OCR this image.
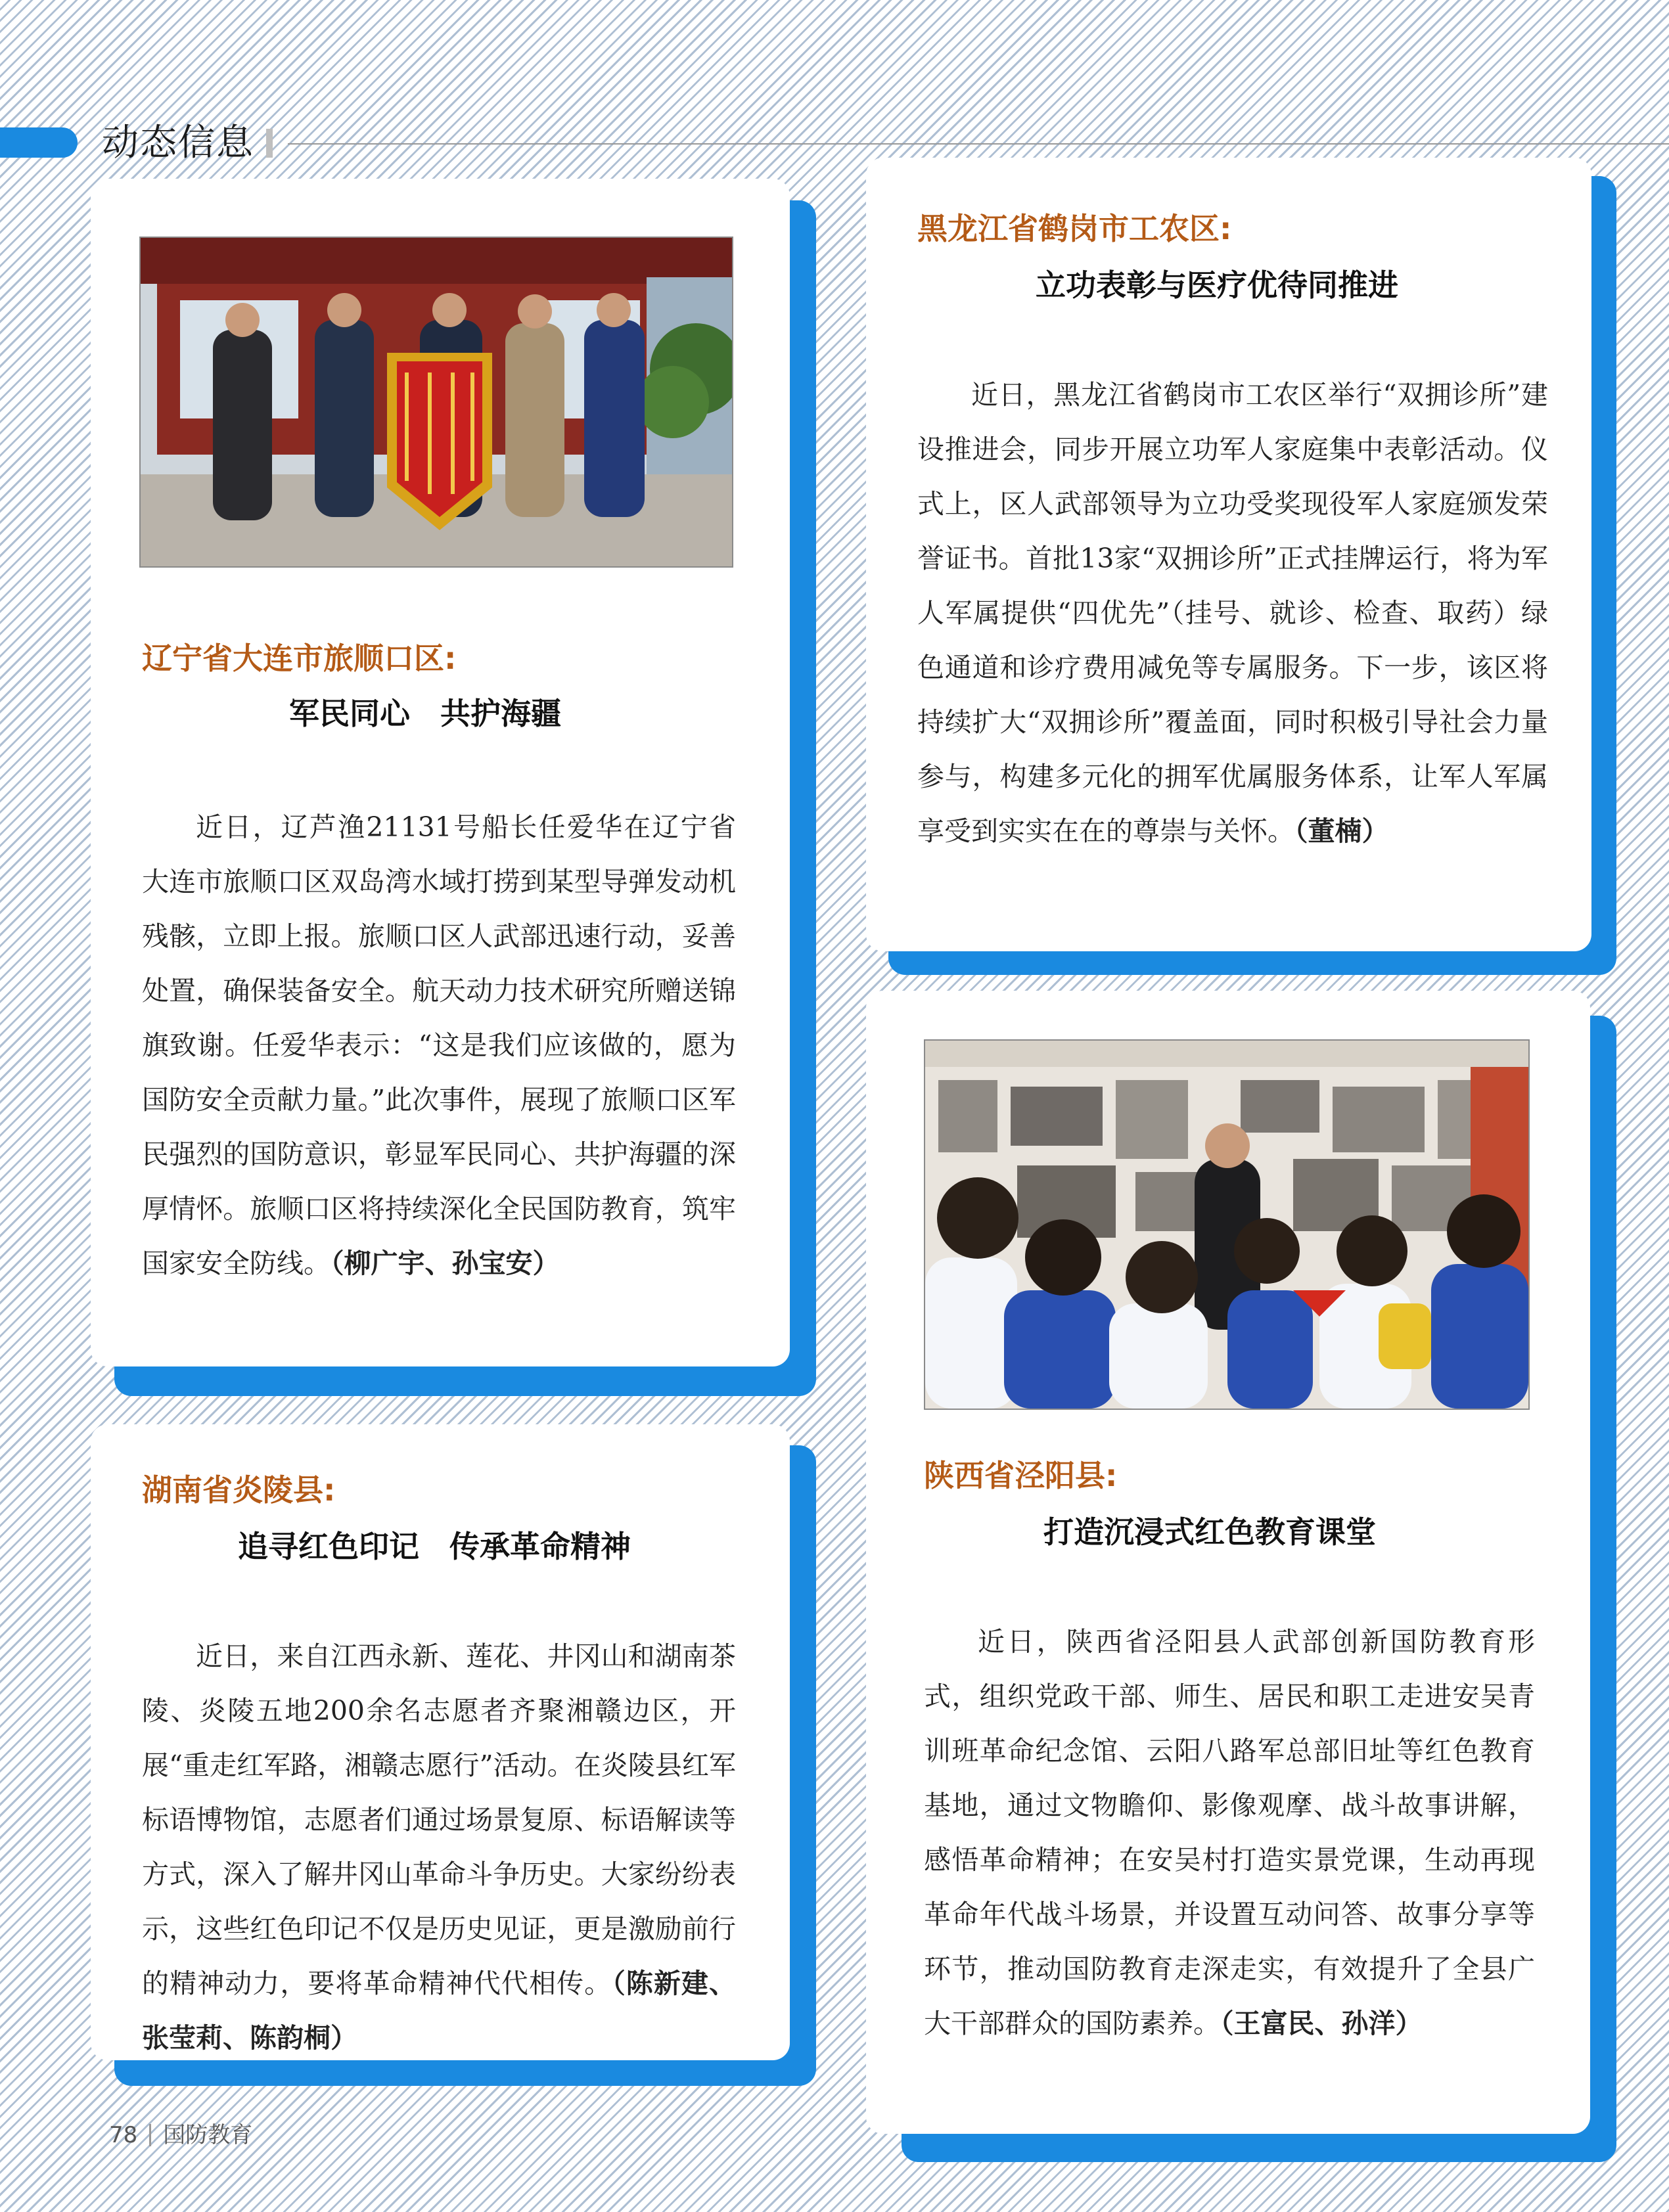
动态信息
辽宁省大连市旅顺口区:
军民同心　共护海疆

近日，辽芦渔21131号船长任爱华在辽宁省大连市旅顺口区双岛湾水域打捞到某型导弹发动机残骸，立即上报。旅顺口区人武部迅速行动，妥善处置，确保装备安全。航天动力技术研究所赠送锦旗致谢。任爱华表示：“这是我们应该做的，愿为国防安全贡献力量。”此次事件，展现了旅顺口区军民强烈的国防意识，彰显军民同心、共护海疆的深厚情怀。旅顺口区将持续深化全民国防教育，筑牢国家安全防线。（柳广宇、孙宝安）

黑龙江省鹤岗市工农区:
立功表彰与医疗优待同推进

近日，黑龙江省鹤岗市工农区举行“双拥诊所”建设推进会，同步开展立功军人家庭集中表彰活动。仪式上，区人武部领导为立功受奖现役军人家庭颁发荣誉证书。首批13家“双拥诊所”正式挂牌运行，将为军人军属提供“四优先”（挂号、就诊、检查、取药）绿色通道和诊疗费用减免等专属服务。下一步，该区将持续扩大“双拥诊所”覆盖面，同时积极引导社会力量参与，构建多元化的拥军优属服务体系，让军人军属享受到实实在在的尊崇与关怀。（董楠）

湖南省炎陵县:
追寻红色印记　传承革命精神

近日，来自江西永新、莲花、井冈山和湖南茶陵、炎陵五地200余名志愿者齐聚湘赣边区，开展“重走红军路，湘赣志愿行”活动。在炎陵县红军标语博物馆，志愿者们通过场景复原、标语解读等方式，深入了解井冈山革命斗争历史。大家纷纷表示，这些红色印记不仅是历史见证，更是激励前行的精神动力，要将革命精神代代相传。（陈新建、张莹莉、陈韵桐）

陕西省泾阳县:
打造沉浸式红色教育课堂

近日，陕西省泾阳县人武部创新国防教育形式，组织党政干部、师生、居民和职工走进安吴青训班革命纪念馆、云阳八路军总部旧址等红色教育基地，通过文物瞻仰、影像观摩、战斗故事讲解，感悟革命精神；在安吴村打造实景党课，生动再现革命年代战斗场景，并设置互动问答、故事分享等环节，推动国防教育走深走实，有效提升了全县广大干部群众的国防素养。（王富民、孙洋）

78 国防教育
